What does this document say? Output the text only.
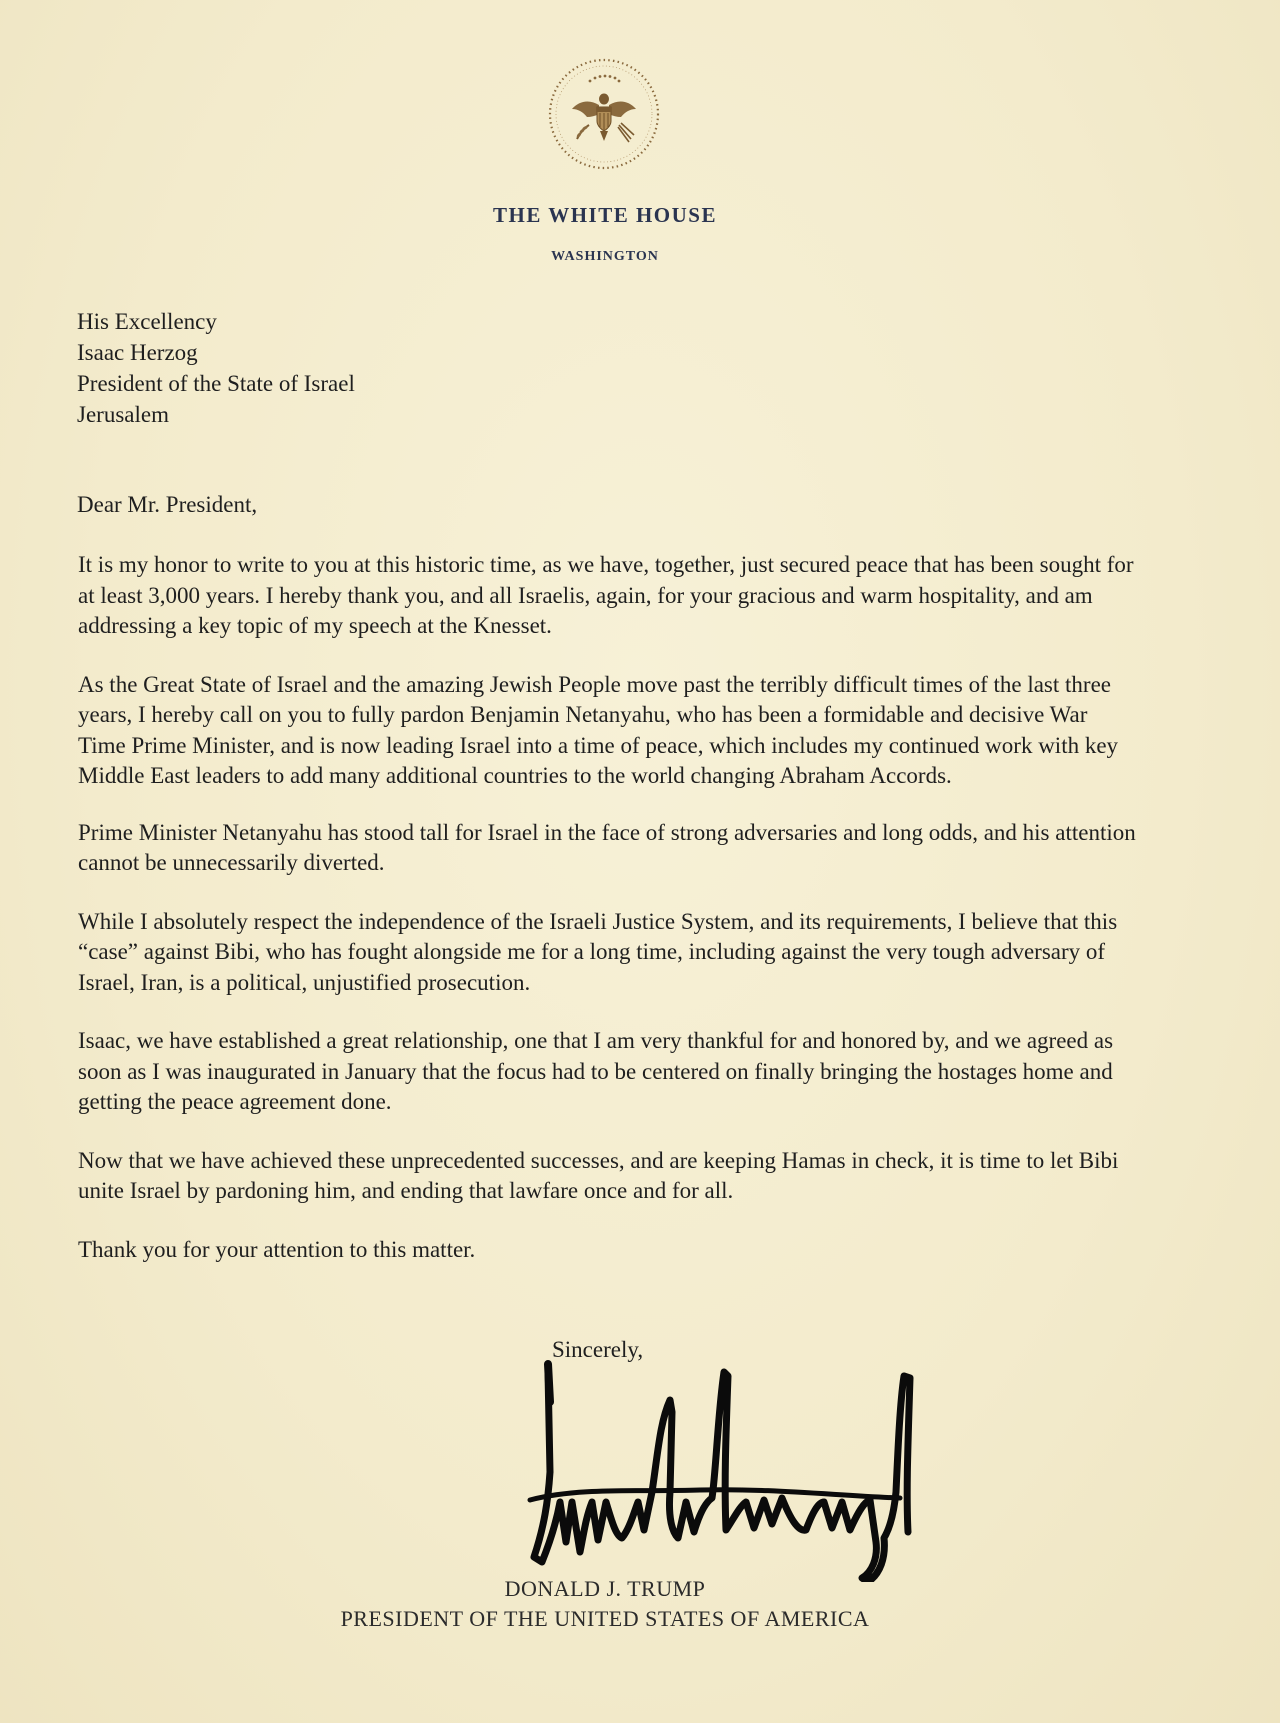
THE WHITE HOUSE
WASHINGTON
His Excellency
Isaac Herzog
President of the State of Israel
Jerusalem
Dear Mr. President,

It is my honor to write to you at this historic time, as we have, together, just secured peace that has been sought for at least 3,000 years. I hereby thank you, and all Israelis, again, for your gracious and warm hospitality, and am addressing a key topic of my speech at the Knesset.

As the Great State of Israel and the amazing Jewish People move past the terribly difficult times of the last three years, I hereby call on you to fully pardon Benjamin Netanyahu, who has been a formidable and decisive War Time Prime Minister, and is now leading Israel into a time of peace, which includes my continued work with key Middle East leaders to add many additional countries to the world changing Abraham Accords.

Prime Minister Netanyahu has stood tall for Israel in the face of strong adversaries and long odds, and his attention cannot be unnecessarily diverted.

While I absolutely respect the independence of the Israeli Justice System, and its requirements, I believe that this “case” against Bibi, who has fought alongside me for a long time, including against the very tough adversary of Israel, Iran, is a political, unjustified prosecution.

Isaac, we have established a great relationship, one that I am very thankful for and honored by, and we agreed as soon as I was inaugurated in January that the focus had to be centered on finally bringing the hostages home and getting the peace agreement done.

Now that we have achieved these unprecedented successes, and are keeping Hamas in check, it is time to let Bibi unite Israel by pardoning him, and ending that lawfare once and for all.

Thank you for your attention to this matter.

Sincerely,
DONALD J. TRUMP
PRESIDENT OF THE UNITED STATES OF AMERICA
